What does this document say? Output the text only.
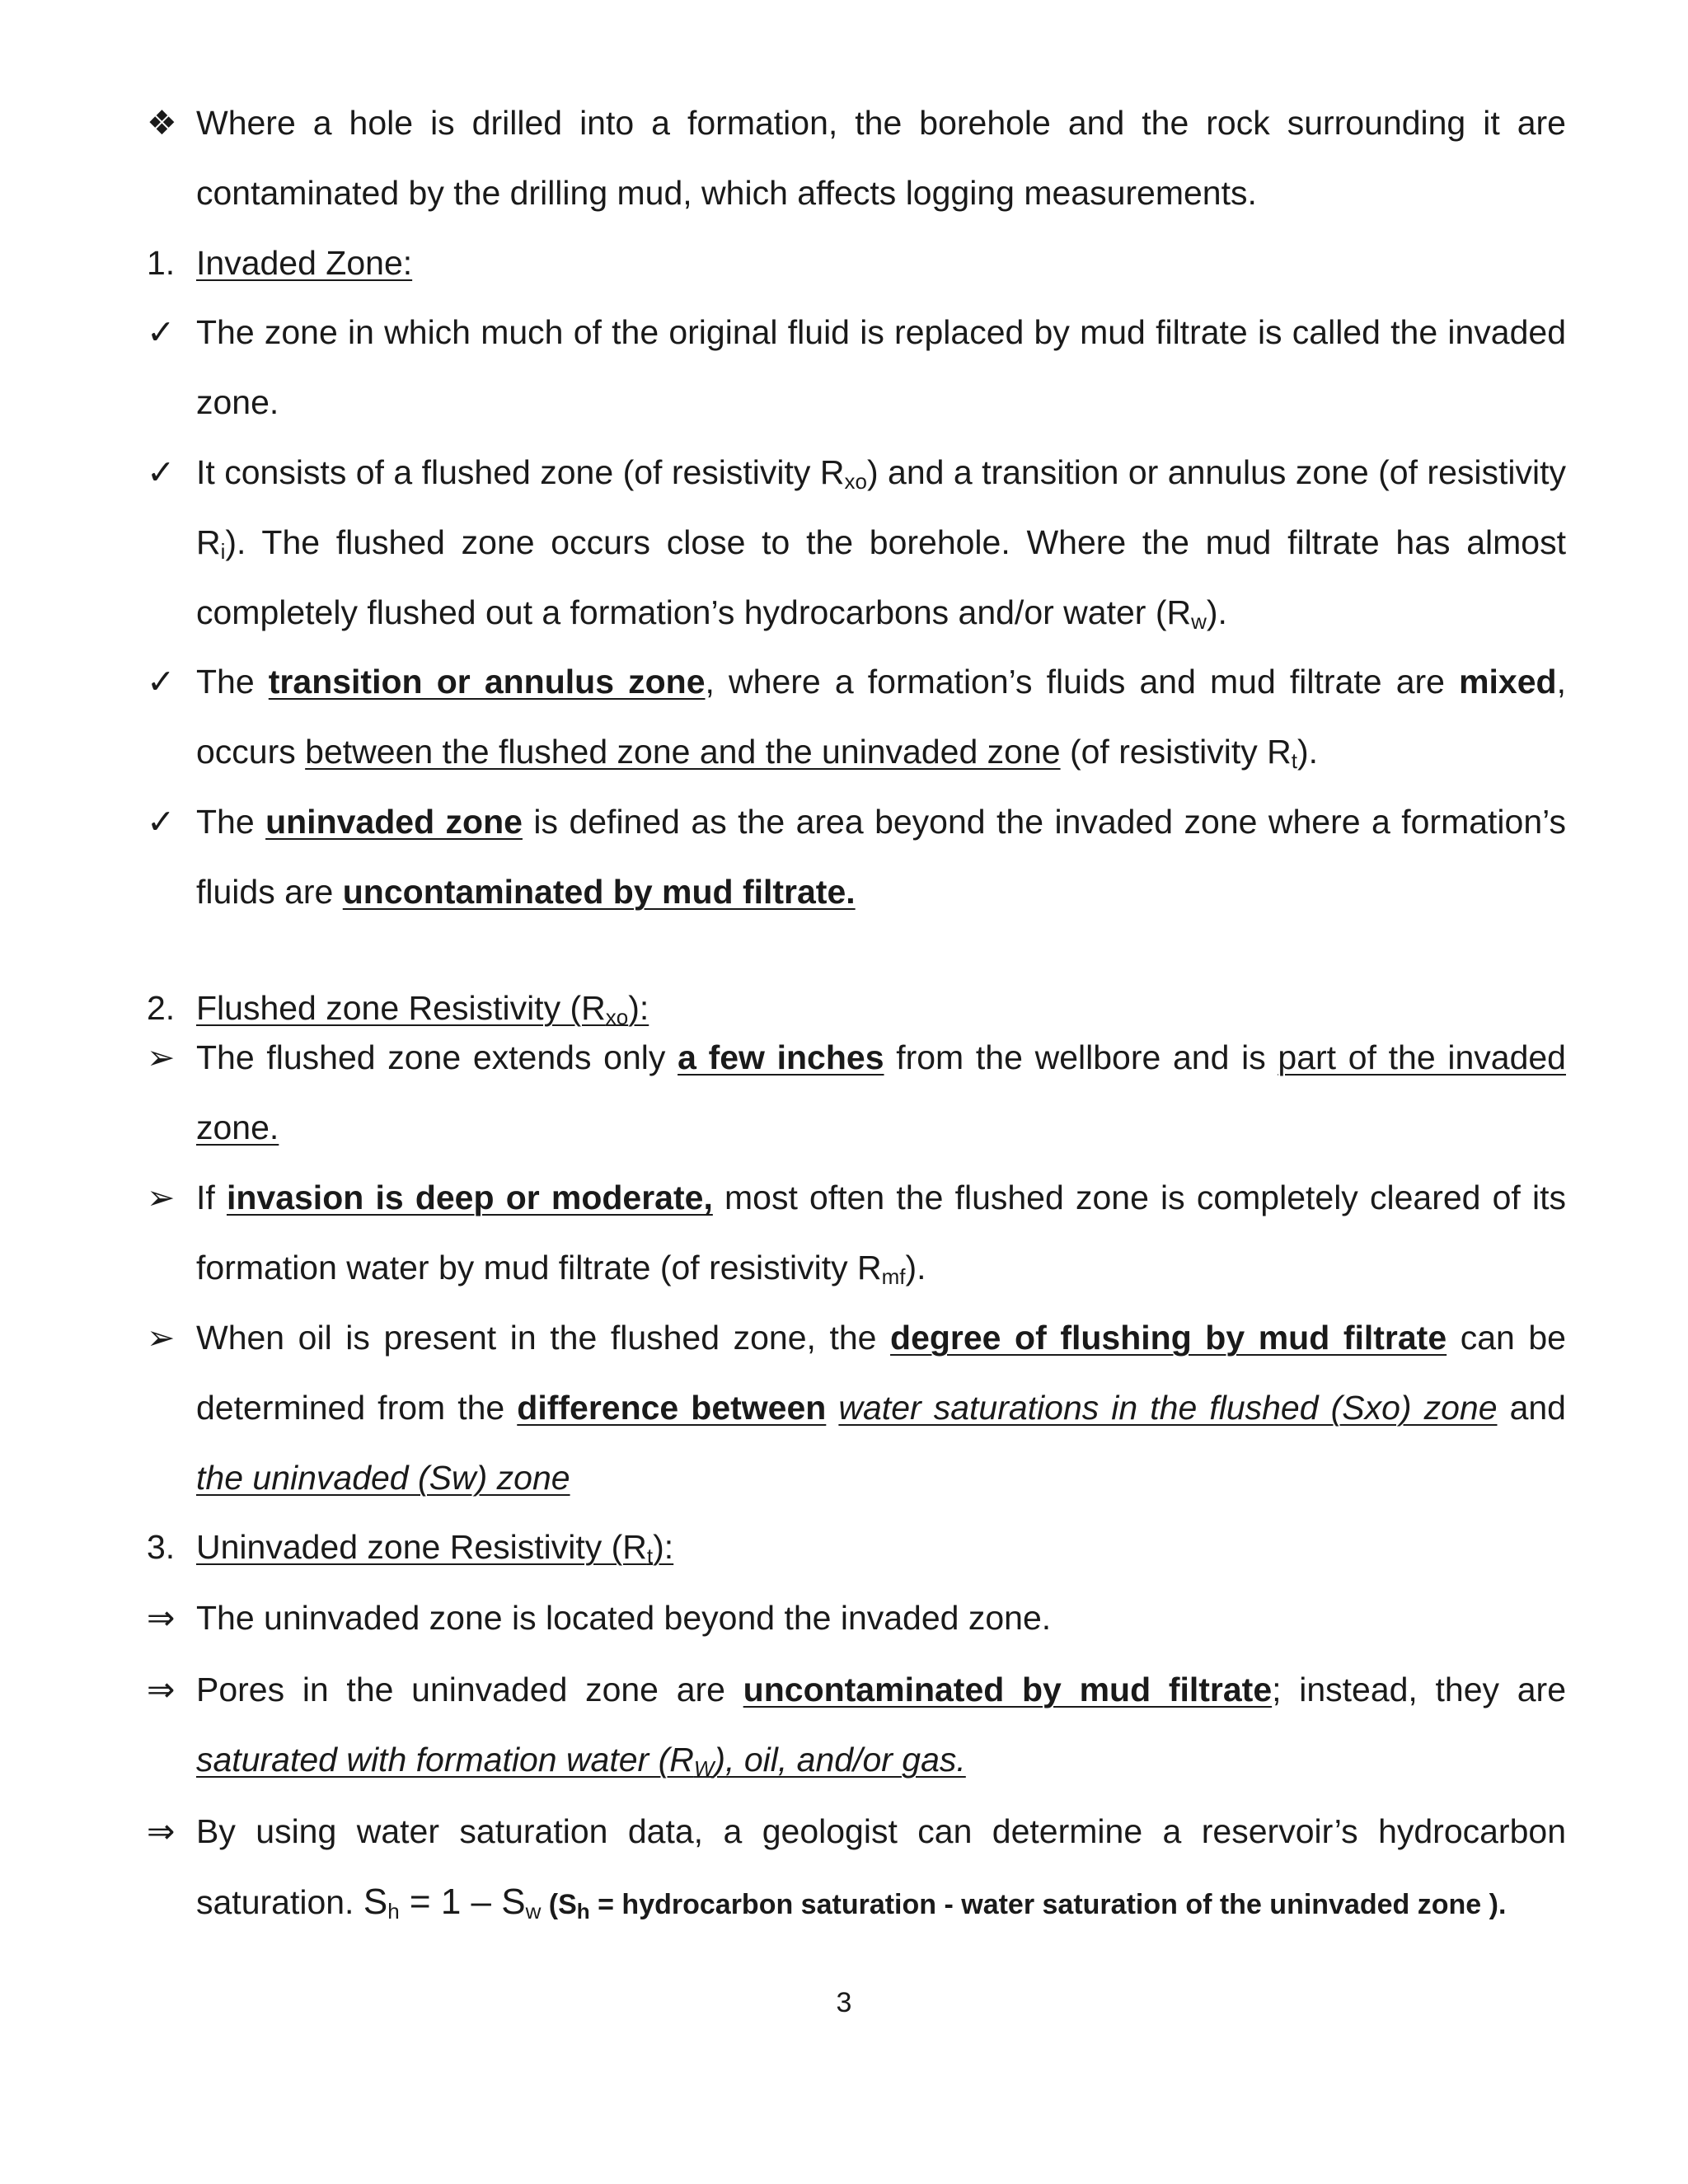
❖ Where a hole is drilled into a formation, the borehole and the rock surrounding it are contaminated by the drilling mud, which affects logging measurements.
1. Invaded Zone:
✓ The zone in which much of the original fluid is replaced by mud filtrate is called the invaded zone.
✓ It consists of a flushed zone (of resistivity $R_{xo}$) and a transition or annulus zone (of resistivity $R_i$). The flushed zone occurs close to the borehole. Where the mud filtrate has almost completely flushed out a formation’s hydrocarbons and/or water $(R_w)$.
✓ The transition or annulus zone, where a formation’s fluids and mud filtrate are mixed, occurs between the flushed zone and the uninvaded zone (of resistivity $R_t$).
✓ The uninvaded zone is defined as the area beyond the invaded zone where a formation’s fluids are uncontaminated by mud filtrate.
2. Flushed zone Resistivity $(R_{xo})$:
➢ The flushed zone extends only a few inches from the wellbore and is part of the invaded zone.
➢ If invasion is deep or moderate, most often the flushed zone is completely cleared of its formation water by mud filtrate (of resistivity $R_{mf}$).
➢ When oil is present in the flushed zone, the degree of flushing by mud filtrate can be determined from the difference between water saturations in the flushed (Sxo) zone and the uninvaded (Sw) zone
3. Uninvaded zone Resistivity $(R_t)$:
⇒ The uninvaded zone is located beyond the invaded zone.
⇒ Pores in the uninvaded zone are uncontaminated by mud filtrate; instead, they are saturated with formation water $(R_W)$, oil, and/or gas.
⇒ By using water saturation data, a geologist can determine a reservoir’s hydrocarbon saturation. $S_h = 1 - S_w$ ($S_h$ = hydrocarbon saturation - water saturation of the uninvaded zone ).
3
